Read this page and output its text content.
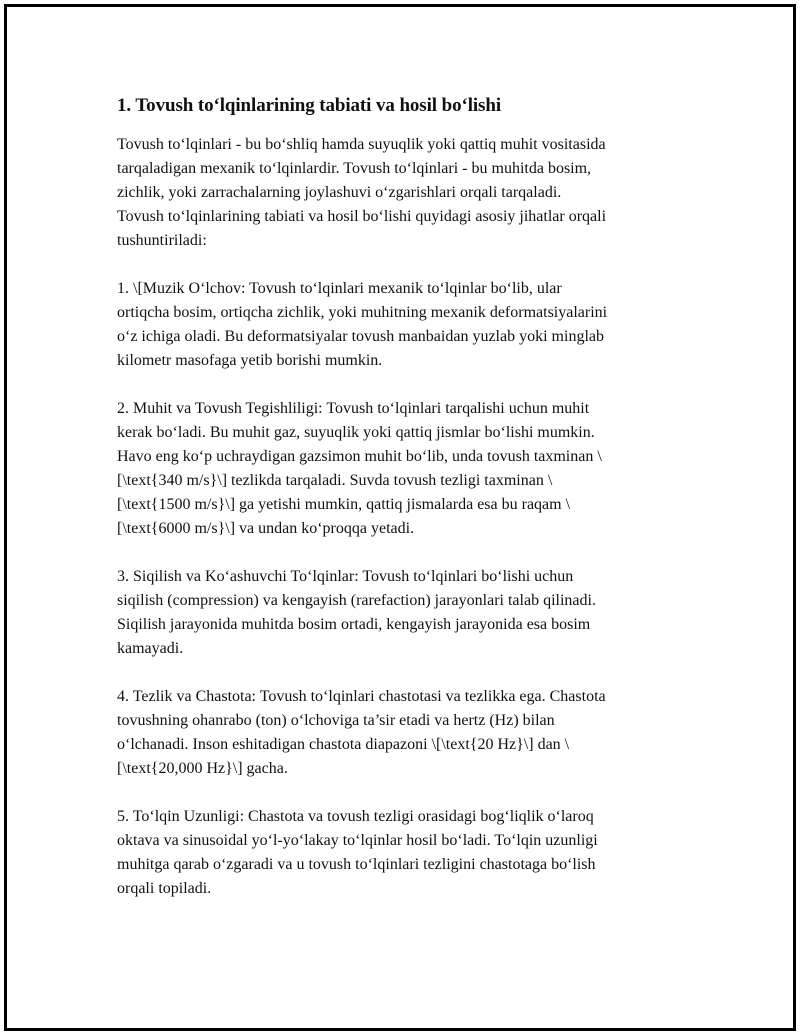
1. Tovush to‘lqinlarining tabiati va hosil bo‘lishi

Tovush to‘lqinlari - bu bo‘shliq hamda suyuqlik yoki qattiq muhit vositasida
tarqaladigan mexanik to‘lqinlardir. Tovush to‘lqinlari - bu muhitda bosim,
zichlik, yoki zarrachalarning joylashuvi o‘zgarishlari orqali tarqaladi.
Tovush to‘lqinlarining tabiati va hosil bo‘lishi quyidagi asosiy jihatlar orqali
tushuntiriladi:

1. \[Muzik O‘lchov: Tovush to‘lqinlari mexanik to‘lqinlar bo‘lib, ular
ortiqcha bosim, ortiqcha zichlik, yoki muhitning mexanik deformatsiyalarini
o‘z ichiga oladi. Bu deformatsiyalar tovush manbaidan yuzlab yoki minglab
kilometr masofaga yetib borishi mumkin.

2. Muhit va Tovush Tegishliligi: Tovush to‘lqinlari tarqalishi uchun muhit
kerak bo‘ladi. Bu muhit gaz, suyuqlik yoki qattiq jismlar bo‘lishi mumkin.
Havo eng ko‘p uchraydigan gazsimon muhit bo‘lib, unda tovush taxminan \
[\text{340 m/s}\] tezlikda tarqaladi. Suvda tovush tezligi taxminan \
[\text{1500 m/s}\] ga yetishi mumkin, qattiq jismalarda esa bu raqam \
[\text{6000 m/s}\] va undan ko‘proqqa yetadi.

3. Siqilish va Ko‘ashuvchi To‘lqinlar: Tovush to‘lqinlari bo‘lishi uchun
siqilish (compression) va kengayish (rarefaction) jarayonlari talab qilinadi.
Siqilish jarayonida muhitda bosim ortadi, kengayish jarayonida esa bosim
kamayadi.

4. Tezlik va Chastota: Tovush to‘lqinlari chastotasi va tezlikka ega. Chastota
tovushning ohanrabo (ton) o‘lchoviga ta’sir etadi va hertz (Hz) bilan
o‘lchanadi. Inson eshitadigan chastota diapazoni \[\text{20 Hz}\] dan \
[\text{20,000 Hz}\] gacha.

5. To‘lqin Uzunligi: Chastota va tovush tezligi orasidagi bog‘liqlik o‘laroq
oktava va sinusoidal yo‘l-yo‘lakay to‘lqinlar hosil bo‘ladi. To‘lqin uzunligi
muhitga qarab o‘zgaradi va u tovush to‘lqinlari tezligini chastotaga bo‘lish
orqali topiladi.
